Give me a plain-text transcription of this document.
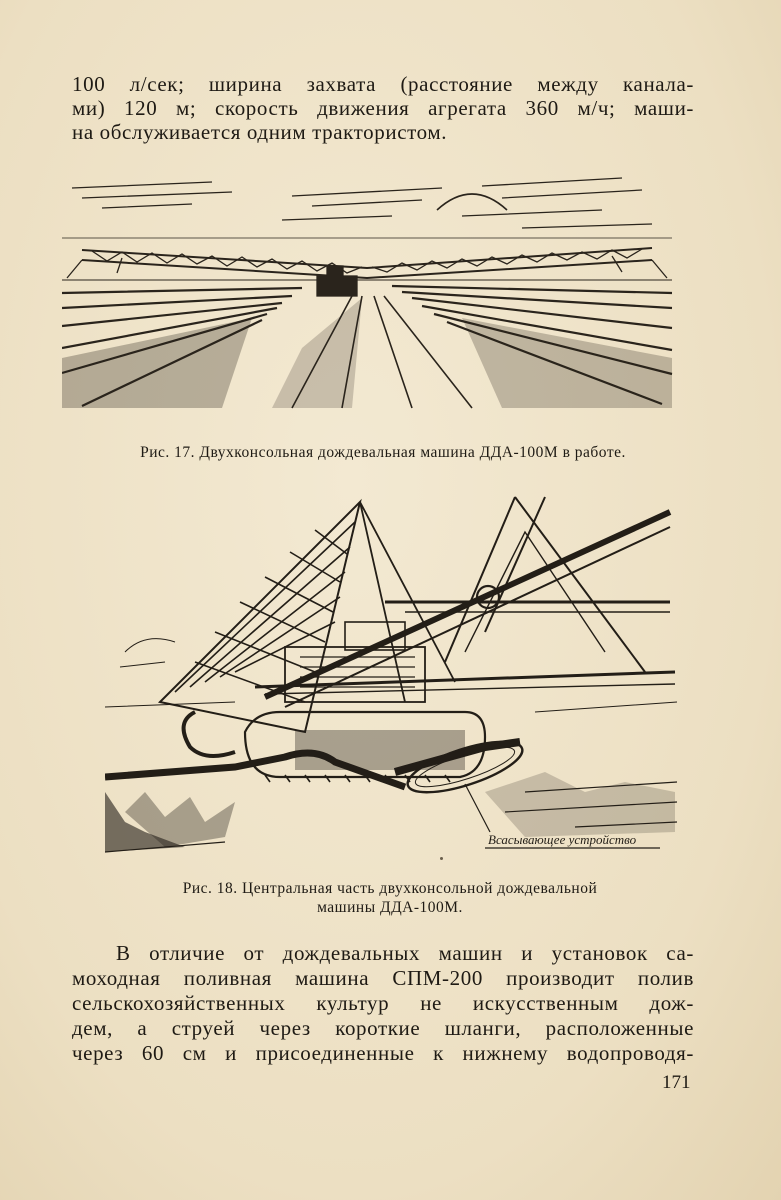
100 л/сек; ширина захвата (расстояние между канала-
ми) 120 м; скорость движения агрегата 360 м/ч; маши-
на обслуживается одним трактористом.
Рис. 17. Двухконсольная дождевальная машина ДДА-100М в работе.
Всасывающее устройство
Рис. 18. Центральная часть двухконсольной дождевальной
машины ДДА-100М.
В отличие от дождевальных машин и установок са-
моходная поливная машина СПМ-200 производит полив
сельскохозяйственных культур не искусственным дож-
дем, а струей через короткие шланги, расположенные
через 60 см и присоединенные к нижнему водопроводя-
171
